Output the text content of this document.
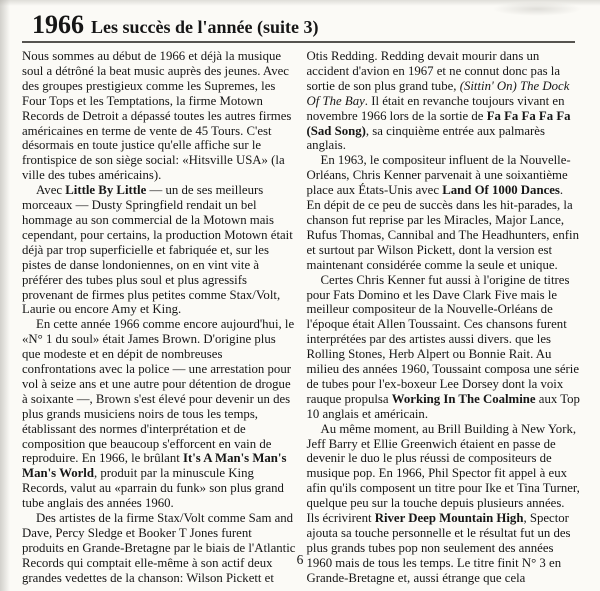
1966 Les succès de l'année (suite 3)

Nous sommes au début de 1966 et déjà la musique soul a détrôné la beat music auprès des jeunes. Avec des groupes prestigieux comme les Supremes, les Four Tops et les Temptations, la firme Motown Records de Detroit a dépassé toutes les autres firmes américaines en terme de vente de 45 Tours. C'est désormais en toute justice qu'elle affiche sur le frontispice de son siège social: «Hitsville USA» (la ville des tubes américains).

Avec Little By Little — un de ses meilleurs morceaux — Dusty Springfield rendait un bel hommage au son commercial de la Motown mais cependant, pour certains, la production Motown était déjà par trop superficielle et fabriquée et, sur les pistes de danse londoniennes, on en vint vite à préférer des tubes plus soul et plus agressifs provenant de firmes plus petites comme Stax/Volt, Laurie ou encore Amy et King.

En cette année 1966 comme encore aujourd'hui, le «N° 1 du soul» était James Brown. D'origine plus que modeste et en dépit de nombreuses confrontations avec la police — une arrestation pour vol à seize ans et une autre pour détention de drogue à soixante —, Brown s'est élevé pour devenir un des plus grands musiciens noirs de tous les temps, établissant des normes d'interprétation et de composition que beaucoup s'efforcent en vain de reproduire. En 1966, le brûlant It's A Man's Man's Man's World, produit par la minuscule King Records, valut au «parrain du funk» son plus grand tube anglais des années 1960.

Des artistes de la firme Stax/Volt comme Sam and Dave, Percy Sledge et Booker T Jones furent produits en Grande-Bretagne par le biais de l'Atlantic Records qui comptait elle-même à son actif deux grandes vedettes de la chanson: Wilson Pickett et

Otis Redding. Redding devait mourir dans un accident d'avion en 1967 et ne connut donc pas la sortie de son plus grand tube, (Sittin' On) The Dock Of The Bay. Il était en revanche toujours vivant en novembre 1966 lors de la sortie de Fa Fa Fa Fa Fa (Sad Song), sa cinquième entrée aux palmarès anglais.

En 1963, le compositeur influent de la Nouvelle-Orléans, Chris Kenner parvenait à une soixantième place aux États-Unis avec Land Of 1000 Dances. En dépit de ce peu de succès dans les hit-parades, la chanson fut reprise par les Miracles, Major Lance, Rufus Thomas, Cannibal and The Headhunters, enfin et surtout par Wilson Pickett, dont la version est maintenant considérée comme la seule et unique.

Certes Chris Kenner fut aussi à l'origine de titres pour Fats Domino et les Dave Clark Five mais le meilleur compositeur de la Nouvelle-Orléans de l'époque était Allen Toussaint. Ces chansons furent interprétées par des artistes aussi divers. que les Rolling Stones, Herb Alpert ou Bonnie Rait. Au milieu des années 1960, Toussaint composa une série de tubes pour l'ex-boxeur Lee Dorsey dont la voix rauque propulsa Working In The Coalmine aux Top 10 anglais et américain.

Au même moment, au Brill Building à New York, Jeff Barry et Ellie Greenwich étaient en passe de devenir le duo le plus réussi de compositeurs de musique pop. En 1966, Phil Spector fit appel à eux afin qu'ils composent un titre pour Ike et Tina Turner, quelque peu sur la touche depuis plusieurs années. Ils écrivirent River Deep Mountain High, Spector ajouta sa touche personnelle et le résultat fut un des plus grands tubes pop non seulement des années 1960 mais de tous les temps. Le titre finit N° 3 en Grande-Bretagne et, aussi étrange que cela

6
